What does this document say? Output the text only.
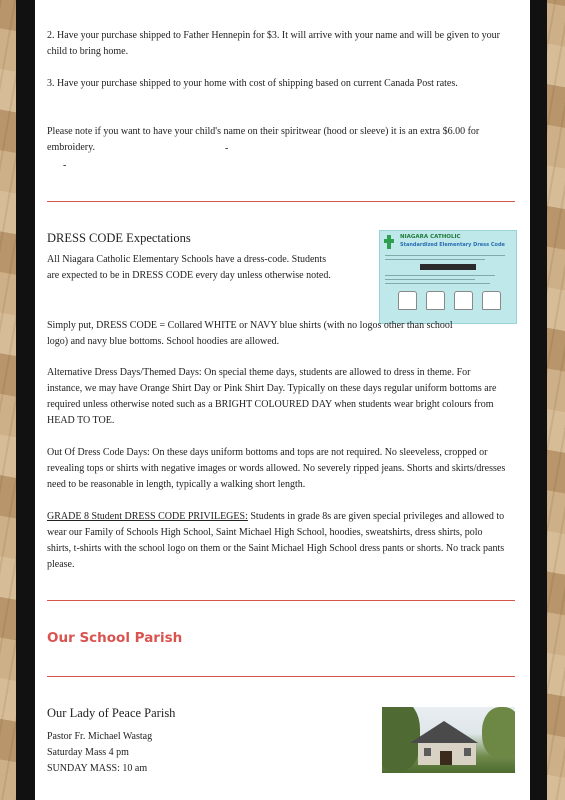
2. Have your purchase shipped to Father Hennepin for $3. It will arrive with your name and will be given to your child to bring home.

3. Have your purchase shipped to your home with cost of shipping based on current Canada Post rates.

Please note if you want to have your child's name on their spiritwear (hood or sleeve) it is an extra $6.00 for embroidery.	-
-
DRESS CODE Expectations

All Niagara Catholic Elementary Schools have a dress-code. Students are expected to be in DRESS CODE every day unless otherwise noted.

NIAGARA CATHOLIC
Standardized Elementary Dress Code

Simply put, DRESS CODE = Collared WHITE or NAVY blue shirts (with no logos other than school logo) and navy blue bottoms. School hoodies are allowed.

Alternative Dress Days/Themed Days: On special theme days, students are allowed to dress in theme. For instance, we may have Orange Shirt Day or Pink Shirt Day. Typically on these days regular uniform bottoms are required unless otherwise noted such as a BRIGHT COLOURED DAY when students wear bright colours from HEAD TO TOE.

Out Of Dress Code Days: On these days uniform bottoms and tops are not required. No sleeveless, cropped or revealing tops or shirts with negative images or words allowed. No severely ripped jeans. Shorts and skirts/dresses need to be reasonable in length, typically a walking short length.

GRADE 8 Student DRESS CODE PRIVILEGES: Students in grade 8s are given special privileges and allowed to wear our Family of Schools High School, Saint Michael High School, hoodies, sweatshirts, dress shirts, polo shirts, t-shirts with the school logo on them or the Saint Michael High School dress pants or shorts. No track pants please.

Our School Parish
Our Lady of Peace Parish

Pastor Fr. Michael Wastag

Saturday Mass 4 pm

SUNDAY MASS: 10 am
